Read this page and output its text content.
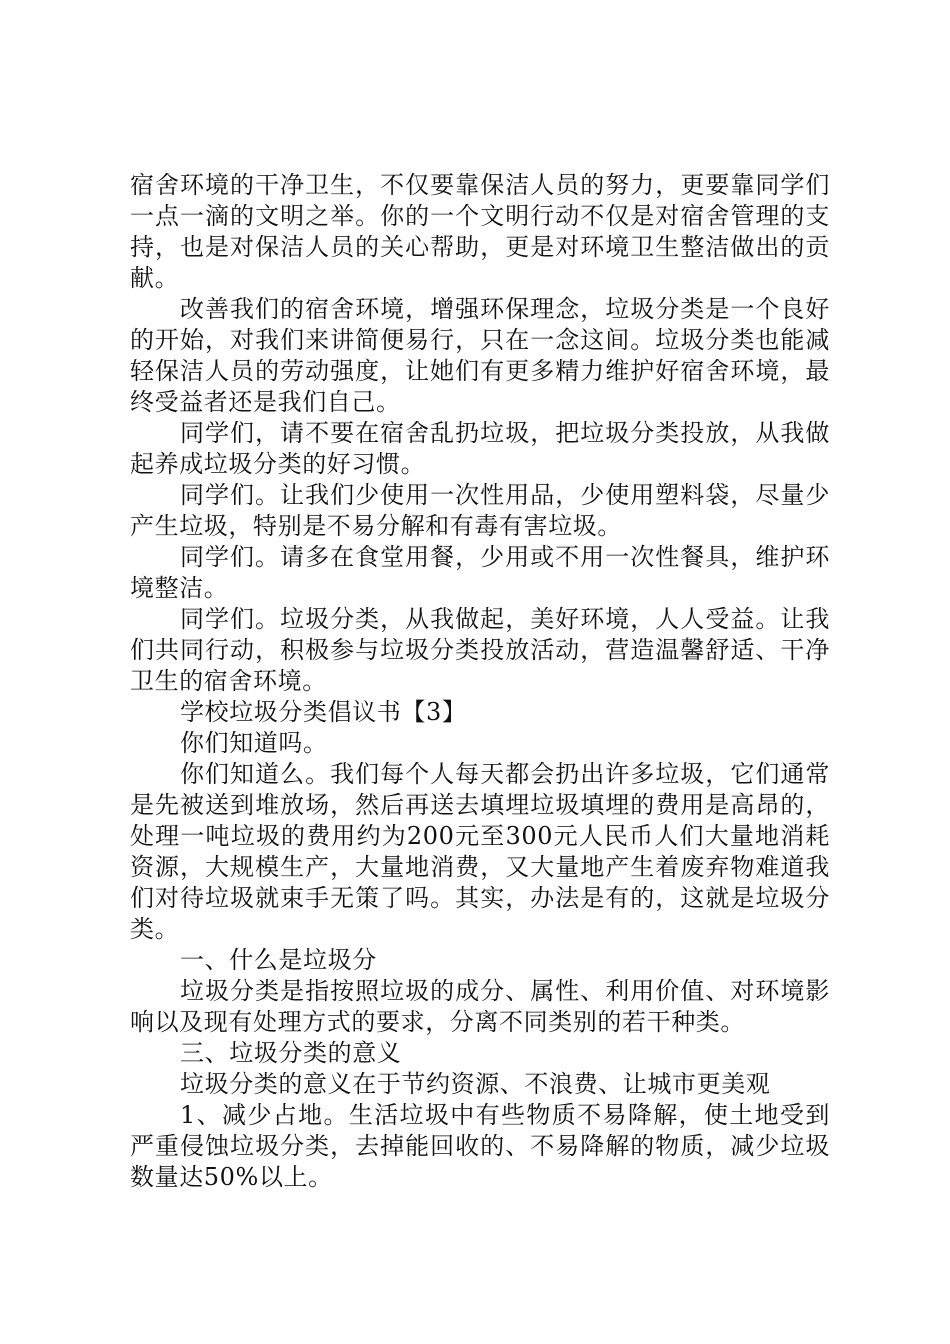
宿舍环境的干净卫生，不仅要靠保洁人员的努力，更要靠同学们一点一滴的文明之举。你的一个文明行动不仅是对宿舍管理的支持，也是对保洁人员的关心帮助，更是对环境卫生整洁做出的贡献。

改善我们的宿舍环境，增强环保理念，垃圾分类是一个良好的开始，对我们来讲简便易行，只在一念这间。垃圾分类也能减轻保洁人员的劳动强度，让她们有更多精力维护好宿舍环境，最终受益者还是我们自己。

同学们，请不要在宿舍乱扔垃圾，把垃圾分类投放，从我做起养成垃圾分类的好习惯。

同学们。让我们少使用一次性用品，少使用塑料袋，尽量少产生垃圾，特别是不易分解和有毒有害垃圾。

同学们。请多在食堂用餐，少用或不用一次性餐具，维护环境整洁。

同学们。垃圾分类，从我做起，美好环境，人人受益。让我们共同行动，积极参与垃圾分类投放活动，营造温馨舒适、干净卫生的宿舍环境。

学校垃圾分类倡议书【3】

你们知道吗。

你们知道么。我们每个人每天都会扔出许多垃圾，它们通常是先被送到堆放场，然后再送去填埋垃圾填埋的费用是高昂的，处理一吨垃圾的费用约为200元至300元人民币人们大量地消耗资源，大规模生产，大量地消费，又大量地产生着废弃物难道我们对待垃圾就束手无策了吗。其实，办法是有的，这就是垃圾分类。

一、什么是垃圾分

垃圾分类是指按照垃圾的成分、属性、利用价值、对环境影响以及现有处理方式的要求，分离不同类别的若干种类。

三、垃圾分类的意义

垃圾分类的意义在于节约资源、不浪费、让城市更美观

1、减少占地。生活垃圾中有些物质不易降解，使土地受到严重侵蚀垃圾分类，去掉能回收的、不易降解的物质，减少垃圾数量达50%以上。
